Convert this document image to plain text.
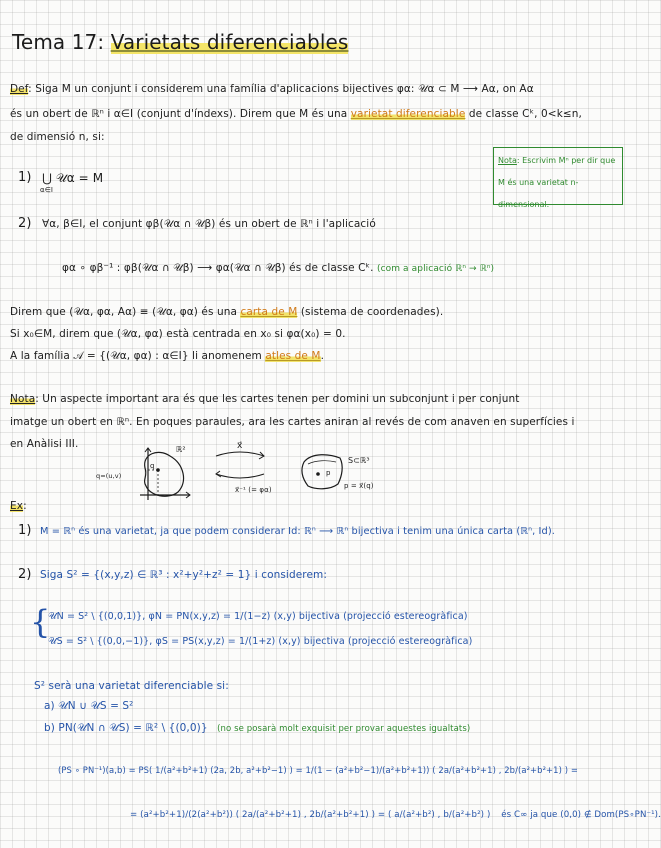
Tema 17: Varietats diferenciables
Def: Siga M un conjunt i considerem una família d'aplicacions bijectives φα: 𝒰α ⊂ M ⟶ Aα, on Aα
és un obert de ℝⁿ i α∈I (conjunt d'índexs). Direm que M és una varietat diferenciable de classe Cᵏ, 0<k≤n,
de dimensió n, si:
Nota: Escrivim Mⁿ per dir que M és una varietat n-dimensional.
1) ⋃ 𝒰α = M
α∈I
2) ∀α, β∈I, el conjunt φβ(𝒰α ∩ 𝒰β) és un obert de ℝⁿ i l'aplicació
φα ∘ φβ⁻¹ : φβ(𝒰α ∩ 𝒰β) ⟶ φα(𝒰α ∩ 𝒰β) és de classe Cᵏ. (com a aplicació ℝⁿ → ℝⁿ)
Direm que (𝒰α, φα, Aα) ≡ (𝒰α, φα) és una carta de M (sistema de coordenades).
Si x₀∈M, direm que (𝒰α, φα) està centrada en x₀ si φα(x₀) = 0.
A la família 𝒜 = {(𝒰α, φα) : α∈I} li anomenem atles de M.
Nota: Un aspecte important ara és que les cartes tenen per domini un subconjunt i per conjunt
imatge un obert en ℝⁿ. En poques paraules, ara les cartes aniran al revés de com anaven en superfícies i
en Anàlisi III.	ℝ²
q=(u,v)
q
x⃗
x⃗⁻¹ (= φα)
S⊂ℝ³
p
p = x⃗(q)
Ex:
1) M = ℝⁿ és una varietat, ja que podem considerar Id: ℝⁿ ⟶ ℝⁿ bijectiva i tenim una única carta (ℝⁿ, Id).
2) Siga S² = {(x,y,z) ∈ ℝ³ : x²+y²+z² = 1} i considerem:
{
𝒰N = S² \ {(0,0,1)}, φN = PN(x,y,z) = 1/(1−z) (x,y) bijectiva (projecció estereogràfica)
𝒰S = S² \ {(0,0,−1)}, φS = PS(x,y,z) = 1/(1+z) (x,y) bijectiva (projecció estereogràfica)
S² serà una varietat diferenciable si:
a) 𝒰N ∪ 𝒰S = S²
b) PN(𝒰N ∩ 𝒰S) = ℝ² \ {(0,0)} (no se posarà molt exquisit per provar aquestes igualtats)
(PS ∘ PN⁻¹)(a,b) = PS( 1/(a²+b²+1) (2a, 2b, a²+b²−1) ) = 1/(1 − (a²+b²−1)/(a²+b²+1)) ( 2a/(a²+b²+1) , 2b/(a²+b²+1) ) =
= (a²+b²+1)/(2(a²+b²)) ( 2a/(a²+b²+1) , 2b/(a²+b²+1) ) = ( a/(a²+b²) , b/(a²+b²) ) és C∞ ja que (0,0) ∉ Dom(PS∘PN⁻¹).
